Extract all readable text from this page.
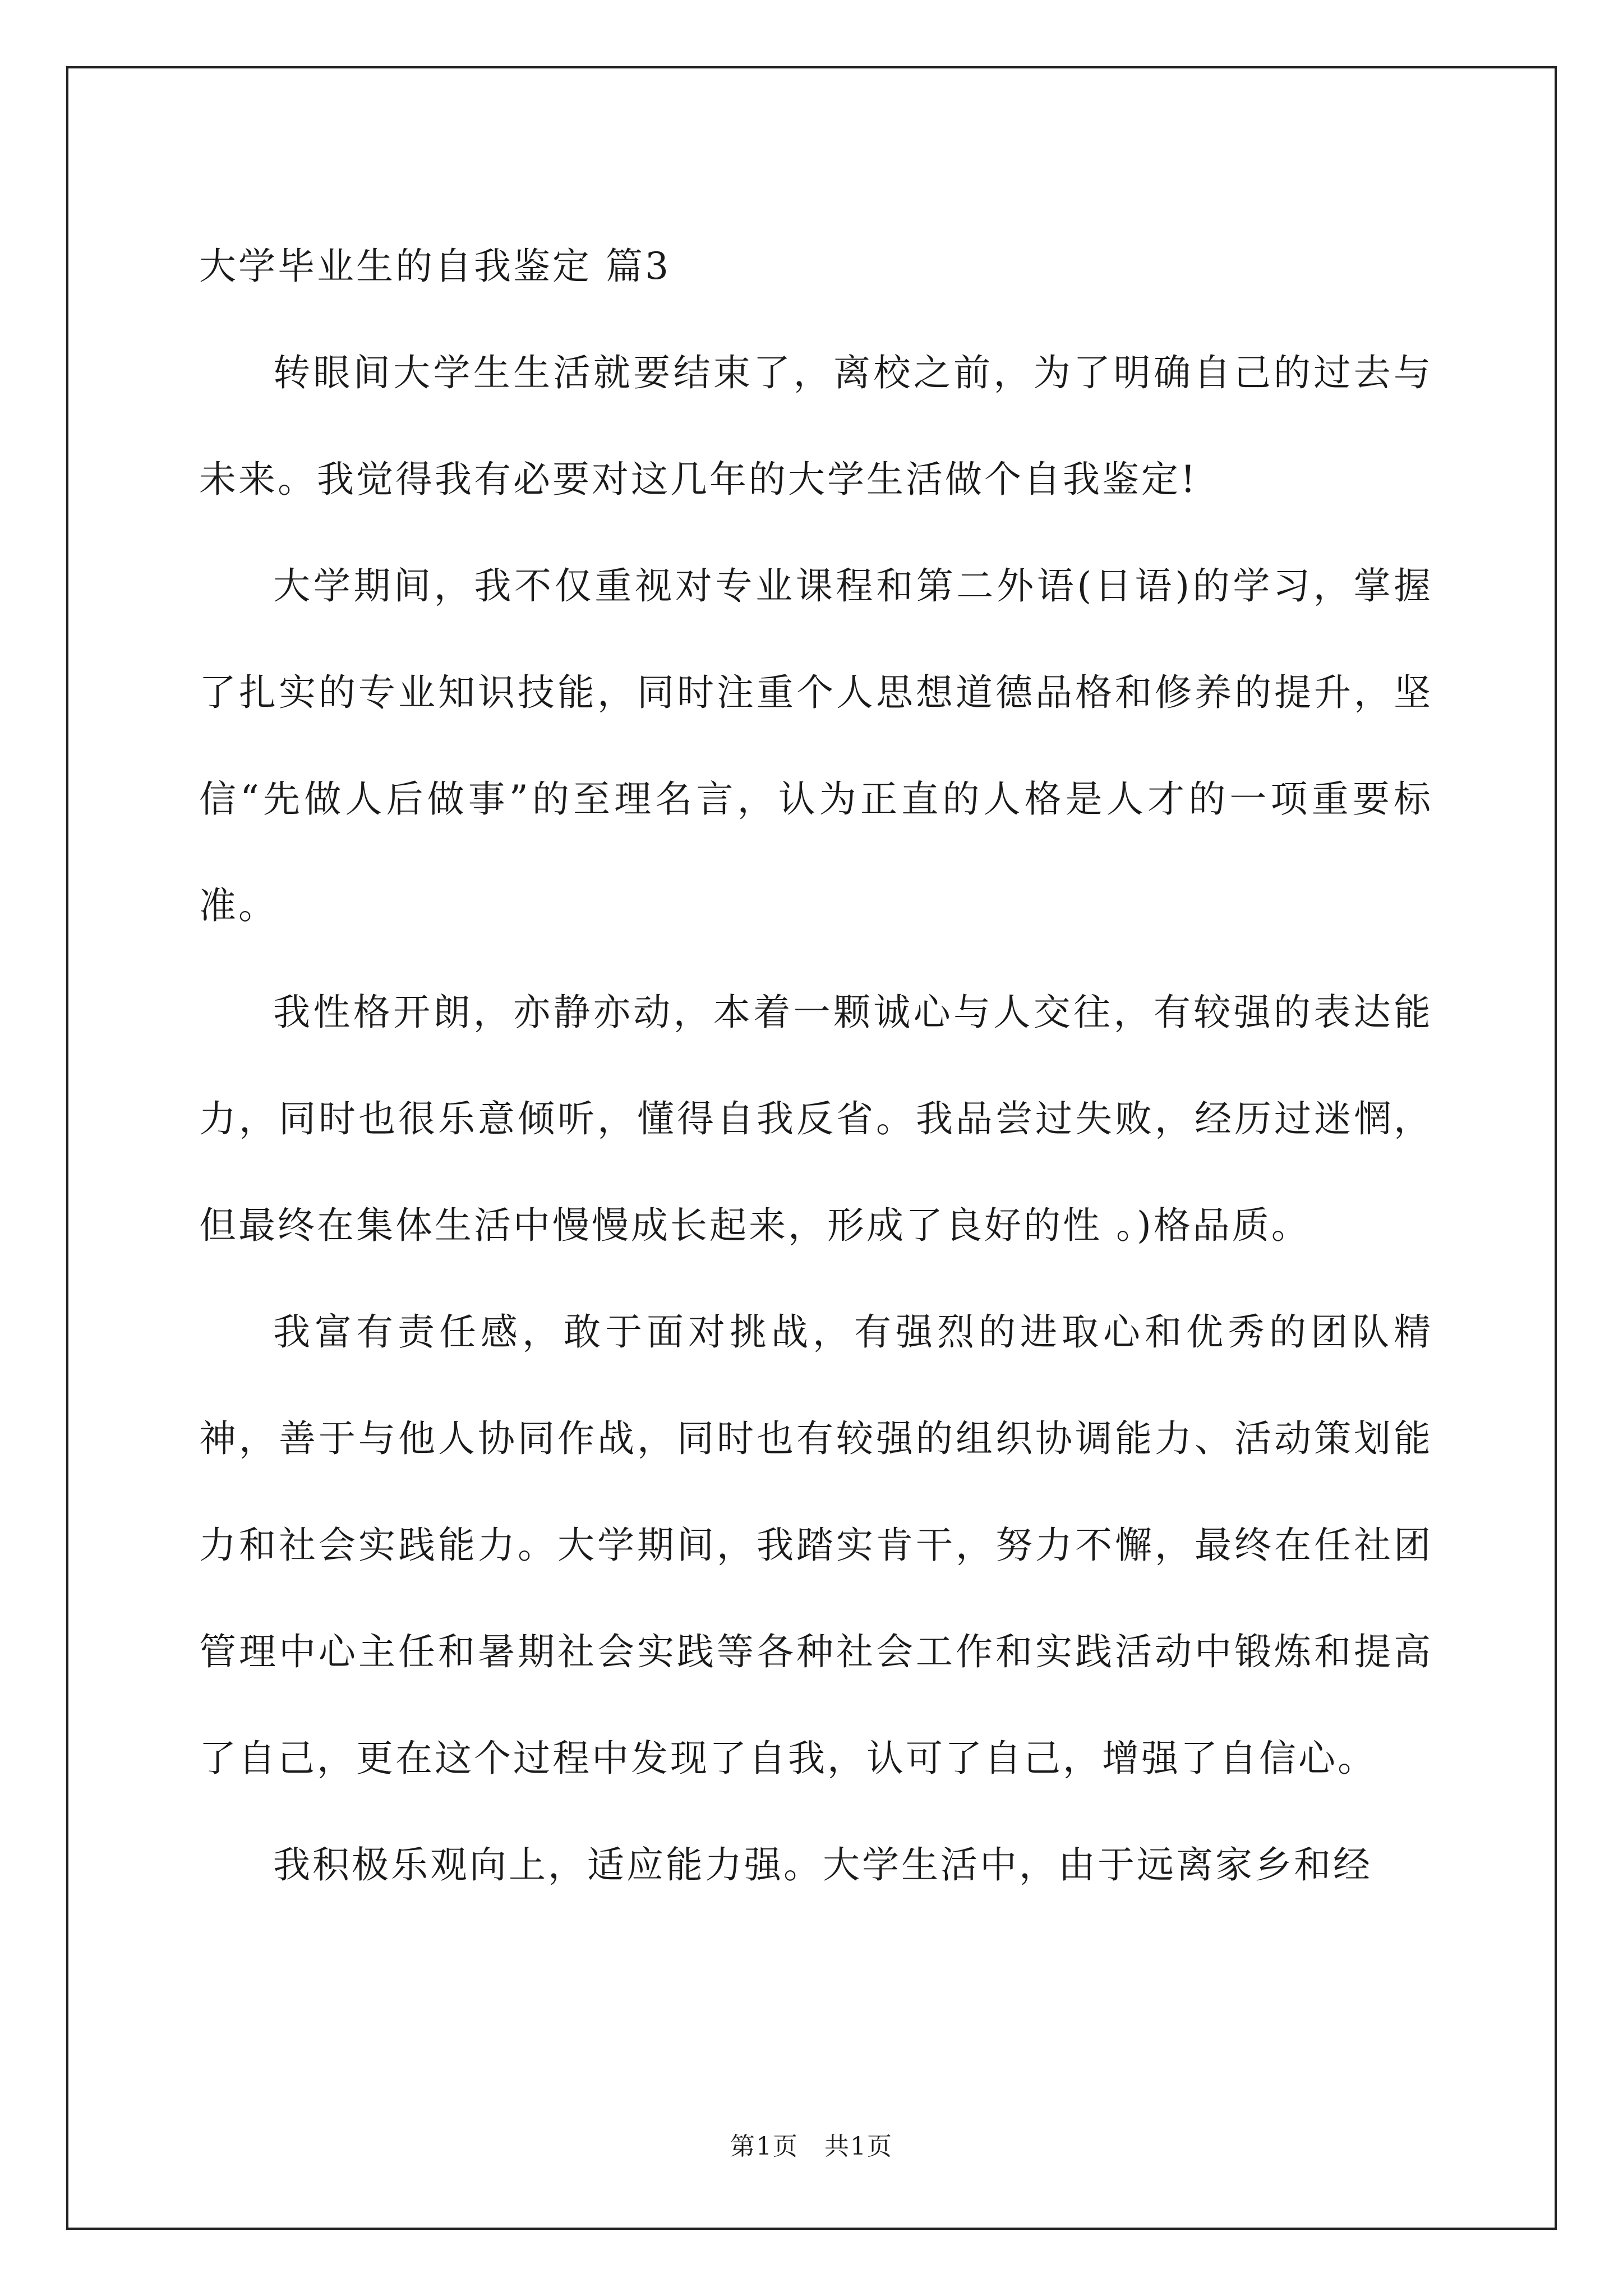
大学毕业生的自我鉴定 篇3

转眼间大学生生活就要结束了，离校之前，为了明确自己的过去与未来。我觉得我有必要对这几年的大学生活做个自我鉴定!

大学期间，我不仅重视对专业课程和第二外语(日语)的学习，掌握了扎实的专业知识技能，同时注重个人思想道德品格和修养的提升，坚信“先做人后做事”的至理名言，认为正直的人格是人才的一项重要标准。

我性格开朗，亦静亦动，本着一颗诚心与人交往，有较强的表达能力，同时也很乐意倾听，懂得自我反省。我品尝过失败，经历过迷惘，但最终在集体生活中慢慢成长起来，形成了良好的性 。)格品质。

我富有责任感，敢于面对挑战，有强烈的进取心和优秀的团队精神，善于与他人协同作战，同时也有较强的组织协调能力、活动策划能力和社会实践能力。大学期间，我踏实肯干，努力不懈，最终在任社团管理中心主任和暑期社会实践等各种社会工作和实践活动中锻炼和提高了自己，更在这个过程中发现了自我，认可了自己，增强了自信心。

我积极乐观向上，适应能力强。大学生活中，由于远离家乡和经

第1页　共1页
